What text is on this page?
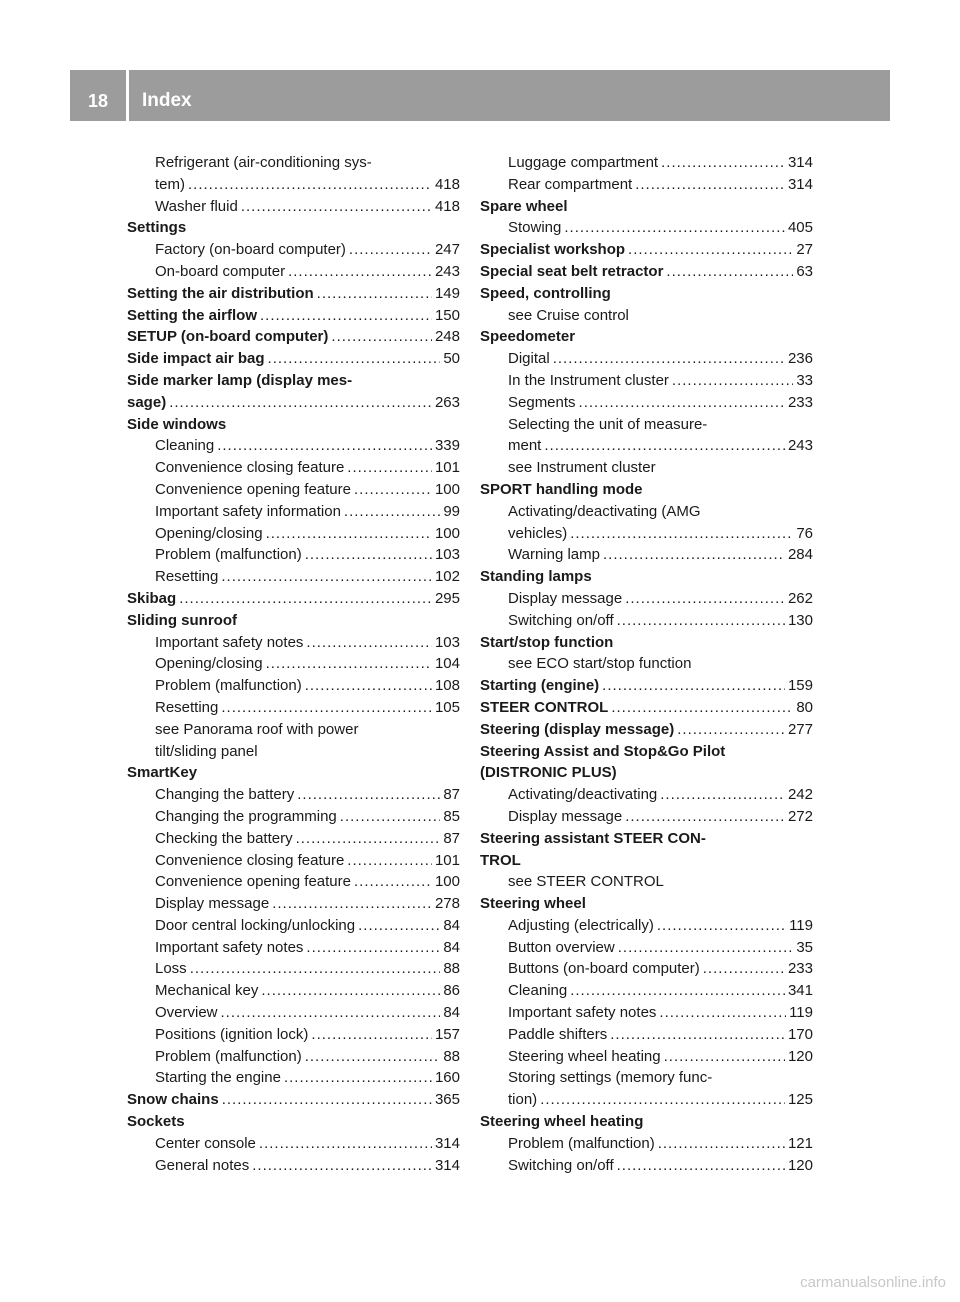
18	Index
Refrigerant (air-conditioning sys-
tem) .....	418
Washer fluid .....	418
Settings
Factory (on-board computer) .....	247
On-board computer .....	243
Setting the air distribution .....	149
Setting the airflow .....	150
SETUP (on-board computer) .....	248
Side impact air bag .....	50
Side marker lamp (display mes-
sage) .....	263
Side windows
Cleaning .....	339
Convenience closing feature .....	101
Convenience opening feature .....	100
Important safety information .....	99
Opening/closing .....	100
Problem (malfunction) .....	103
Resetting .....	102
Skibag .....	295
Sliding sunroof
Important safety notes .....	103
Opening/closing .....	104
Problem (malfunction) .....	108
Resetting .....	105
see Panorama roof with power
tilt/sliding panel
SmartKey
Changing the battery .....	87
Changing the programming .....	85
Checking the battery .....	87
Convenience closing feature .....	101
Convenience opening feature .....	100
Display message .....	278
Door central locking/unlocking .....	84
Important safety notes .....	84
Loss .....	88
Mechanical key .....	86
Overview .....	84
Positions (ignition lock) .....	157
Problem (malfunction) .....	88
Starting the engine .....	160
Snow chains .....	365
Sockets
Center console .....	314
General notes .....	314
Luggage compartment .....	314
Rear compartment .....	314
Spare wheel
Stowing .....	405
Specialist workshop .....	27
Special seat belt retractor .....	63
Speed, controlling
see Cruise control
Speedometer
Digital .....	236
In the Instrument cluster .....	33
Segments .....	233
Selecting the unit of measure-
ment .....	243
see Instrument cluster
SPORT handling mode
Activating/deactivating (AMG
vehicles) .....	76
Warning lamp .....	284
Standing lamps
Display message .....	262
Switching on/off .....	130
Start/stop function
see ECO start/stop function
Starting (engine) .....	159
STEER CONTROL .....	80
Steering (display message) .....	277
Steering Assist and Stop&Go Pilot
(DISTRONIC PLUS)
Activating/deactivating .....	242
Display message .....	272
Steering assistant STEER CON-
TROL
see STEER CONTROL
Steering wheel
Adjusting (electrically) .....	119
Button overview .....	35
Buttons (on-board computer) .....	233
Cleaning .....	341
Important safety notes .....	119
Paddle shifters .....	170
Steering wheel heating .....	120
Storing settings (memory func-
tion) .....	125
Steering wheel heating
Problem (malfunction) .....	121
Switching on/off .....	120
carmanualsonline.info
